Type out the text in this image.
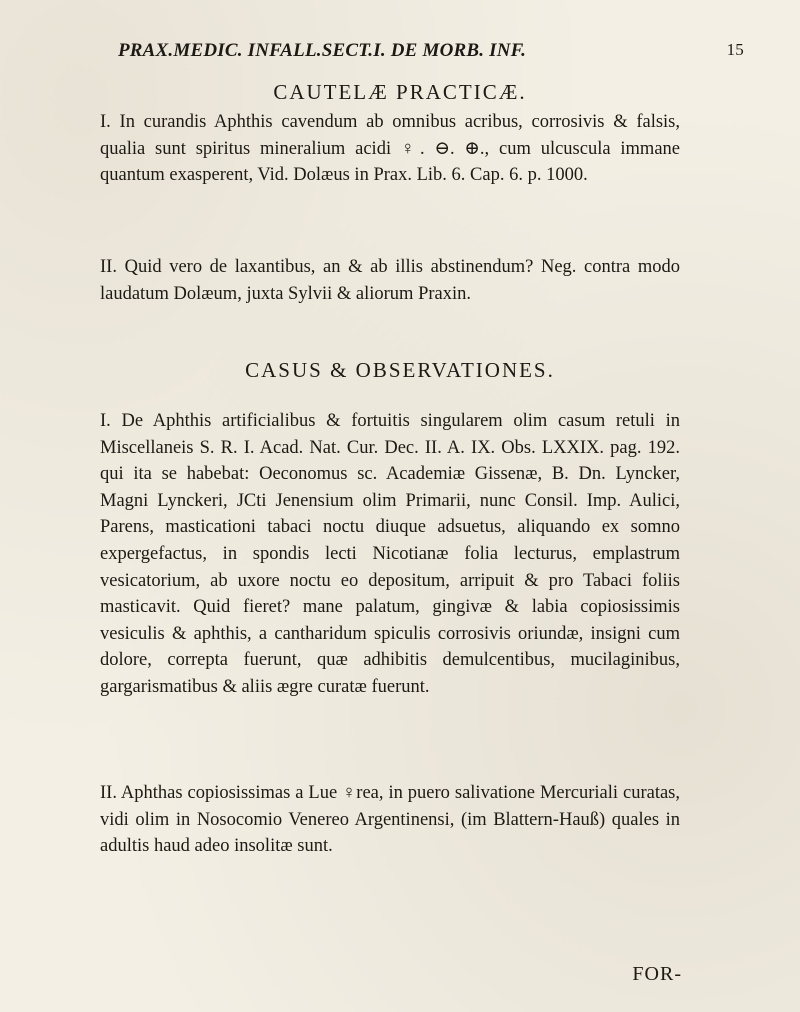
PRAX.MEDIC. INFALL.SECT.I. DE MORB. INF.	15
CAUTELÆ PRACTICÆ.
I. In curandis Aphthis cavendum ab omnibus acribus, corrosivis & falsis, qualia sunt spiritus mineralium acidi ♀. ⊖. ⊕., cum ulcuscula immane quantum exasperent, Vid. Dolæus in Prax. Lib. 6. Cap. 6. p. 1000.
II. Quid vero de laxantibus, an & ab illis abstinendum? Neg. contra modo laudatum Dolæum, juxta Sylvii & aliorum Praxin.
CASUS & OBSERVATIONES.
I. De Aphthis artificialibus & fortuitis singularem olim casum retuli in Miscellaneis S. R. I. Acad. Nat. Cur. Dec. II. A. IX. Obs. LXXIX. pag. 192. qui ita se habebat: Oeconomus sc. Academiæ Gissenæ, B. Dn. Lyncker, Magni Lynckeri, JCti Jenensium olim Primarii, nunc Consil. Imp. Aulici, Parens, masticationi tabaci noctu diuque adsuetus, aliquando ex somno expergefactus, in spondis lecti Nicotianæ folia lecturus, emplastrum vesicatorium, ab uxore noctu eo depositum, arripuit & pro Tabaci foliis masticavit. Quid fieret? mane palatum, gingivæ & labia copiosissimis vesiculis & aphthis, a cantharidum spiculis corrosivis oriundæ, insigni cum dolore, correpta fuerunt, quæ adhibitis demulcentibus, mucilaginibus, gargarismatibus & aliis ægre curatæ fuerunt.
II. Aphthas copiosissimas a Lue ♀rea, in puero salivatione Mercuriali curatas, vidi olim in Nosocomio Venereo Argentinensi, (im Blattern-Hauß) quales in adultis haud adeo insolitæ sunt.
FOR-
